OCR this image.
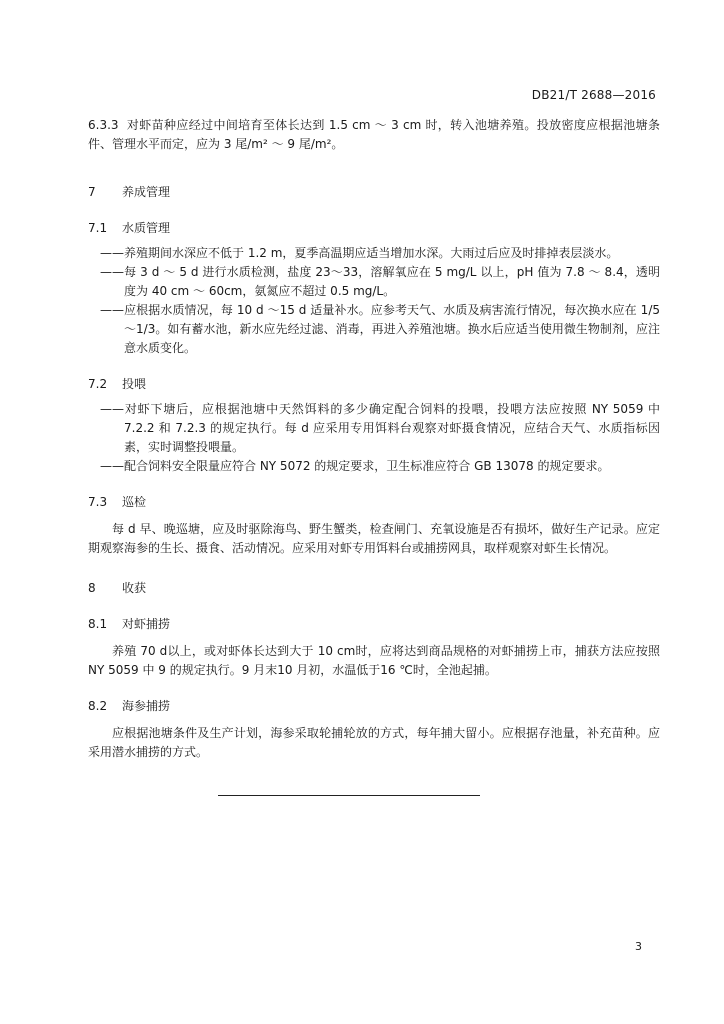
DB21/T 2688—2016

6.3.3 对虾苗种应经过中间培育至体长达到 1.5 cm ～ 3 cm 时，转入池塘养殖。投放密度应根据池塘条件、管理水平而定，应为 3 尾/m² ～ 9 尾/m²。

7	养成管理
7.1	水质管理

——养殖期间水深应不低于 1.2 m，夏季高温期应适当增加水深。大雨过后应及时排掉表层淡水。

——每 3 d ～ 5 d 进行水质检测，盐度 23～33，溶解氧应在 5 mg/L 以上，pH 值为 7.8 ～ 8.4，透明度为 40 cm ～ 60cm，氨氮应不超过 0.5 mg/L。

——应根据水质情况，每 10 d ～15 d 适量补水。应参考天气、水质及病害流行情况，每次换水应在 1/5 ～1/3。如有蓄水池，新水应先经过滤、消毒，再进入养殖池塘。换水后应适当使用微生物制剂，应注意水质变化。

7.2	投喂

——对虾下塘后，应根据池塘中天然饵料的多少确定配合饲料的投喂，投喂方法应按照 NY 5059 中 7.2.2 和 7.2.3 的规定执行。每 d 应采用专用饵料台观察对虾摄食情况，应结合天气、水质指标因素，实时调整投喂量。

——配合饲料安全限量应符合 NY 5072 的规定要求，卫生标准应符合 GB 13078 的规定要求。

7.3	巡检

每 d 早、晚巡塘，应及时驱除海鸟、野生蟹类，检查闸门、充氧设施是否有损坏，做好生产记录。应定期观察海参的生长、摄食、活动情况。应采用对虾专用饵料台或捕捞网具，取样观察对虾生长情况。

8	收获
8.1	对虾捕捞

养殖 70 d以上，或对虾体长达到大于 10 cm时，应将达到商品规格的对虾捕捞上市，捕获方法应按照NY 5059 中 9 的规定执行。9 月末10 月初，水温低于16 ℃时，全池起捕。

8.2	海参捕捞

应根据池塘条件及生产计划，海参采取轮捕轮放的方式，每年捕大留小。应根据存池量，补充苗种。应采用潜水捕捞的方式。

3
